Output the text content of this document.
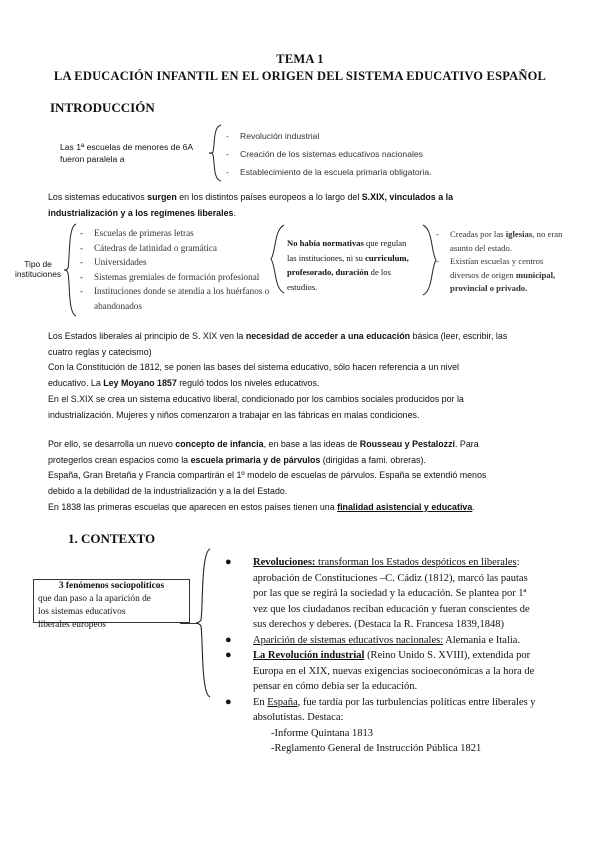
TEMA 1
LA EDUCACIÓN INFANTIL EN EL ORIGEN DEL SISTEMA EDUCATIVO ESPAÑOL
INTRODUCCIÓN
Las 1ª escuelas de menores de 6A
fueron paralela a
- Revolución industrial
- Creación de los sistemas educativos nacionales
- Establecimiento de la escuela primaria obligatoria.
Los sistemas educativos surgen en los distintos países europeos a lo largo del S.XIX, vinculados a la
industrialización y a los regímenes liberales.
Tipo de
instituciones
- Escuelas de primeras letras
- Cátedras de latinidad o gramática
- Universidades
- Sistemas gremiales de formación profesional
- Instituciones donde se atendía a los huérfanos o

- abandonados
No había normativas que regulan
las instituciones, ni su curriculum,
profesorado, duración de los
estudios.
- Creadas por las iglesias, no eran
asunto del estado.
- Existían escuelas y centros
diversos de origen municipal,
provincial o privado.
Los Estados liberales al principio de S. XIX ven la necesidad de acceder a una educación básica (leer, escribir, las
cuatro reglas y catecismo)
Con la Constitución de 1812, se ponen las bases del sistema educativo, sólo hacen referencia a un nivel
educativo. La Ley Moyano 1857 reguló todos los niveles educativos.
En el S.XIX se crea un sistema educativo liberal, condicionado por los cambios sociales producidos por la
industrialización. Mujeres y niños comenzaron a trabajar en las fábricas en malas condiciones.
Por ello, se desarrolla un nuevo concepto de infancia, en base a las ideas de Rousseau y Pestalozzi. Para
protegerlos crean espacios como la escuela primaria y de párvulos (dirigidas a fami. obreras).
España, Gran Bretaña y Francia compartirán el 1º modelo de escuelas de párvulos. España se extendió menos
debido a la debilidad de la industrialización y a la del Estado.
En 1838 las primeras escuelas que aparecen en estos países tienen una finalidad asistencial y educativa.
1. CONTEXTO
3 fenómenos sociopolíticos
que dan paso a la aparición de
los sistemas educativos
liberales europeos
● Revoluciones: transforman los Estados despóticos en liberales:
aprobación de Constituciones –C. Cádiz (1812), marcó las pautas
por las que se regirá la sociedad y la educación. Se plantea por 1ª
vez que los ciudadanos reciban educación y fueran conscientes de
sus derechos y deberes. (Destaca la R. Francesa 1839,1848)
● Aparición de sistemas educativos nacionales: Alemania e Italia.
● La Revolución industrial (Reino Unido S. XVIII), extendida por
Europa en el XIX, nuevas exigencias socioeconómicas a la hora de
pensar en cómo debía ser la educación.
● En España, fue tardía por las turbulencias políticas entre liberales y
absolutistas. Destaca:
-Informe Quintana 1813
-Reglamento General de Instrucción Pública 1821
